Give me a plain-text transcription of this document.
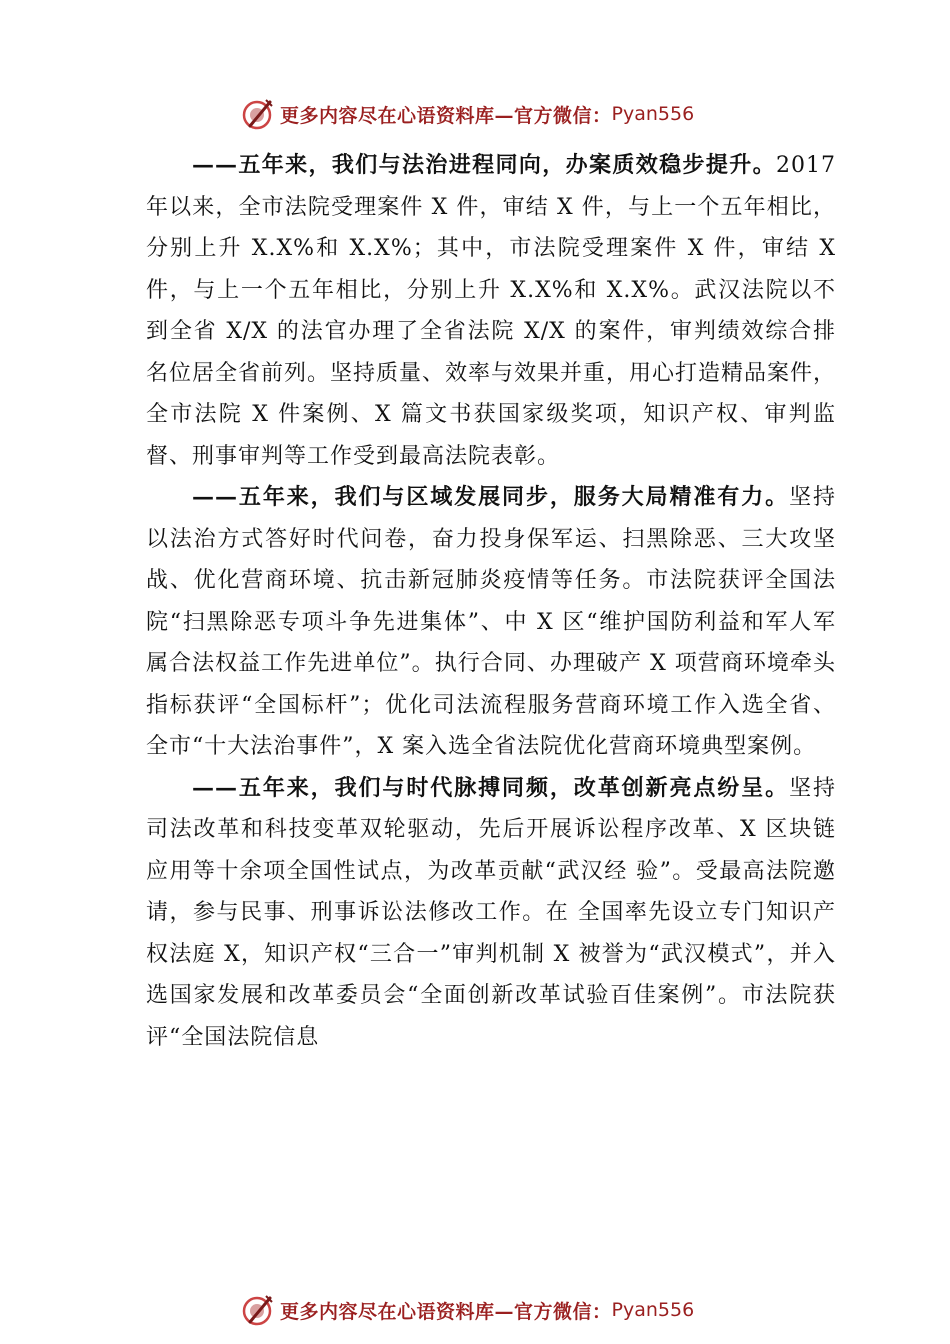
更多内容尽在心语资料库—官方微信： Pyan556

——五年来，我们与法治进程同向，办案质效稳步提升。2017 年以来，全市法院受理案件 X 件，审结 X 件，与上一个五年相比，分别上升 X.X%和 X.X%；其中，市法院受理案件 X 件，审结 X 件，与上一个五年相比，分别上升 X.X%和 X.X%。武汉法院以不到全省 X/X 的法官办理了全省法院 X/X 的案件，审判绩效综合排名位居全省前列。坚持质量、效率与效果并重，用心打造精品案件，全市法院 X 件案例、X 篇文书获国家级奖项，知识产权、审判监督、刑事审判等工作受到最高法院表彰。

——五年来，我们与区域发展同步，服务大局精准有力。坚持以法治方式答好时代问卷，奋力投身保军运、扫黑除恶、三大攻坚战、优化营商环境、抗击新冠肺炎疫情等任务。市法院获评全国法院“扫黑除恶专项斗争先进集体”、中 X 区“维护国防利益和军人军属合法权益工作先进单位”。执行合同、办理破产 X 项营商环境牵头指标获评“全国标杆”；优化司法流程服务营商环境工作入选全省、全市“十大法治事件”，X 案入选全省法院优化营商环境典型案例。

——五年来，我们与时代脉搏同频，改革创新亮点纷呈。坚持司法改革和科技变革双轮驱动，先后开展诉讼程序改革、X 区块链应用等十余项全国性试点，为改革贡献“武汉经 验”。受最高法院邀请，参与民事、刑事诉讼法修改工作。在 全国率先设立专门知识产权法庭 X，知识产权“三合一”审判机制 X 被誉为“武汉模式”，并入选国家发展和改革委员会“全面创新改革试验百佳案例”。市法院获评“全国法院信息

更多内容尽在心语资料库—官方微信： Pyan556
